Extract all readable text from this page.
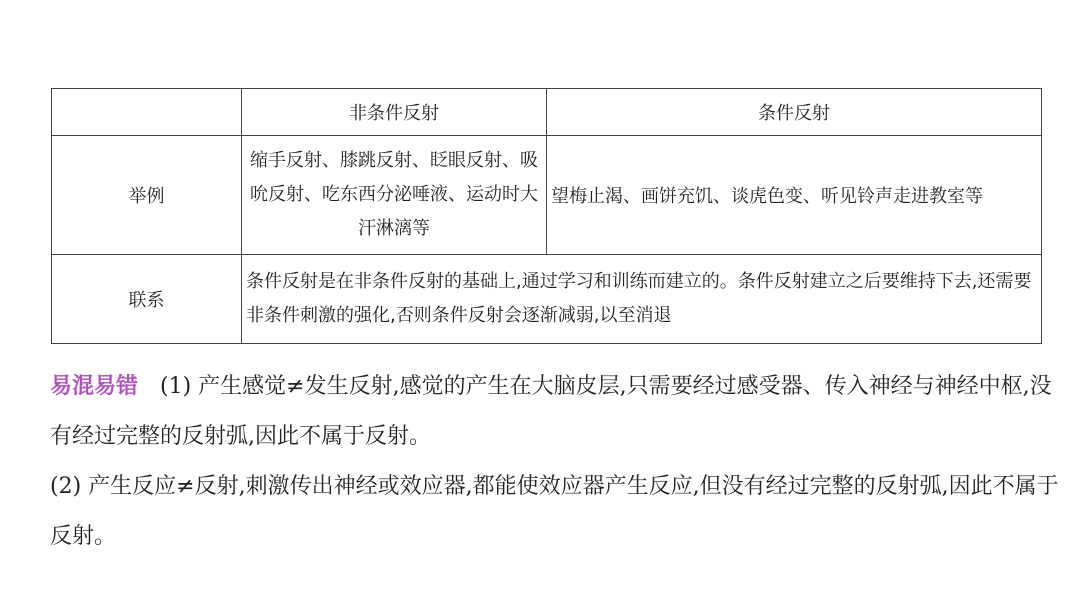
	非条件反射	条件反射
举例	缩手反射、膝跳反射、眨眼反射、吸吮反射、吃东西分泌唾液、运动时大汗淋漓等	望梅止渴、画饼充饥、谈虎色变、听见铃声走进教室等
联系	条件反射是在非条件反射的基础上,通过学习和训练而建立的。条件反射建立之后要维持下去,还需要非条件刺激的强化,否则条件反射会逐渐减弱,以至消退	

易混易错 (1) 产生感觉≠发生反射,感觉的产生在大脑皮层,只需要经过感受器、传入神经与神经中枢,没有经过完整的反射弧,因此不属于反射。

(2) 产生反应≠反射,刺激传出神经或效应器,都能使效应器产生反应,但没有经过完整的反射弧,因此不属于反射。
